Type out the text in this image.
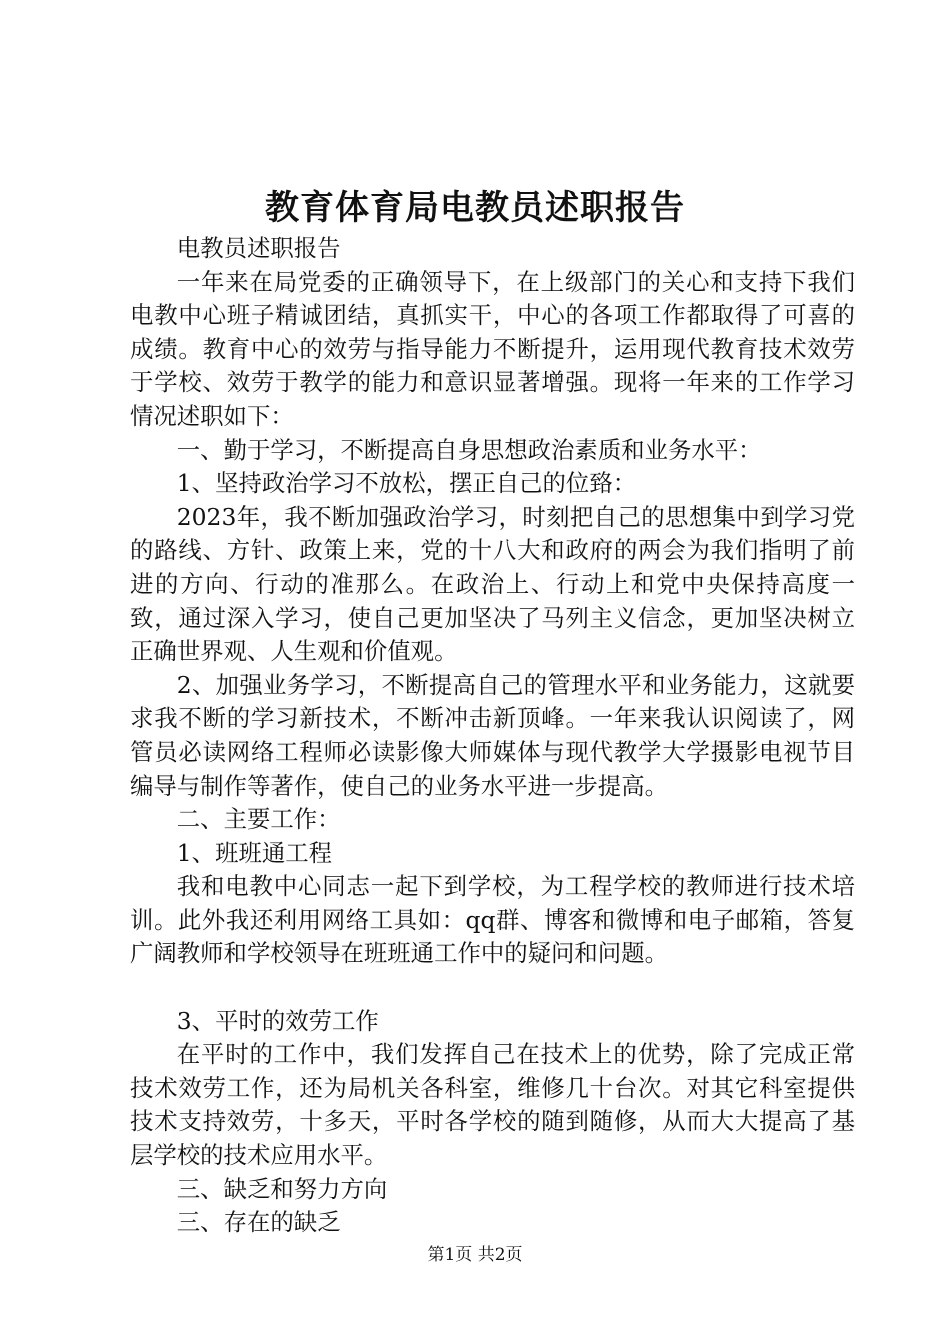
教育体育局电教员述职报告

电教员述职报告

一年来在局党委的正确领导下，在上级部门的关心和支持下我们电教中心班子精诚团结，真抓实干，中心的各项工作都取得了可喜的成绩。教育中心的效劳与指导能力不断提升，运用现代教育技术效劳于学校、效劳于教学的能力和意识显著增强。现将一年来的工作学习情况述职如下：

一、勤于学习，不断提高自身思想政治素质和业务水平：

1、坚持政治学习不放松，摆正自己的位臵：

2023年，我不断加强政治学习，时刻把自己的思想集中到学习党的路线、方针、政策上来，党的十八大和政府的两会为我们指明了前进的方向、行动的准那么。在政治上、行动上和党中央保持高度一致，通过深入学习，使自己更加坚决了马列主义信念，更加坚决树立正确世界观、人生观和价值观。

2、加强业务学习，不断提高自己的管理水平和业务能力，这就要求我不断的学习新技术，不断冲击新顶峰。一年来我认识阅读了，网管员必读网络工程师必读影像大师媒体与现代教学大学摄影电视节目编导与制作等著作，使自己的业务水平进一步提高。

二、主要工作：

1、班班通工程

我和电教中心同志一起下到学校，为工程学校的教师进行技术培训。此外我还利用网络工具如：qq群、博客和微博和电子邮箱，答复广阔教师和学校领导在班班通工作中的疑问和问题。

3、平时的效劳工作

在平时的工作中，我们发挥自己在技术上的优势，除了完成正常技术效劳工作，还为局机关各科室，维修几十台次。对其它科室提供技术支持效劳，十多天，平时各学校的随到随修，从而大大提高了基层学校的技术应用水平。

三、缺乏和努力方向

三、存在的缺乏

第1页 共2页
